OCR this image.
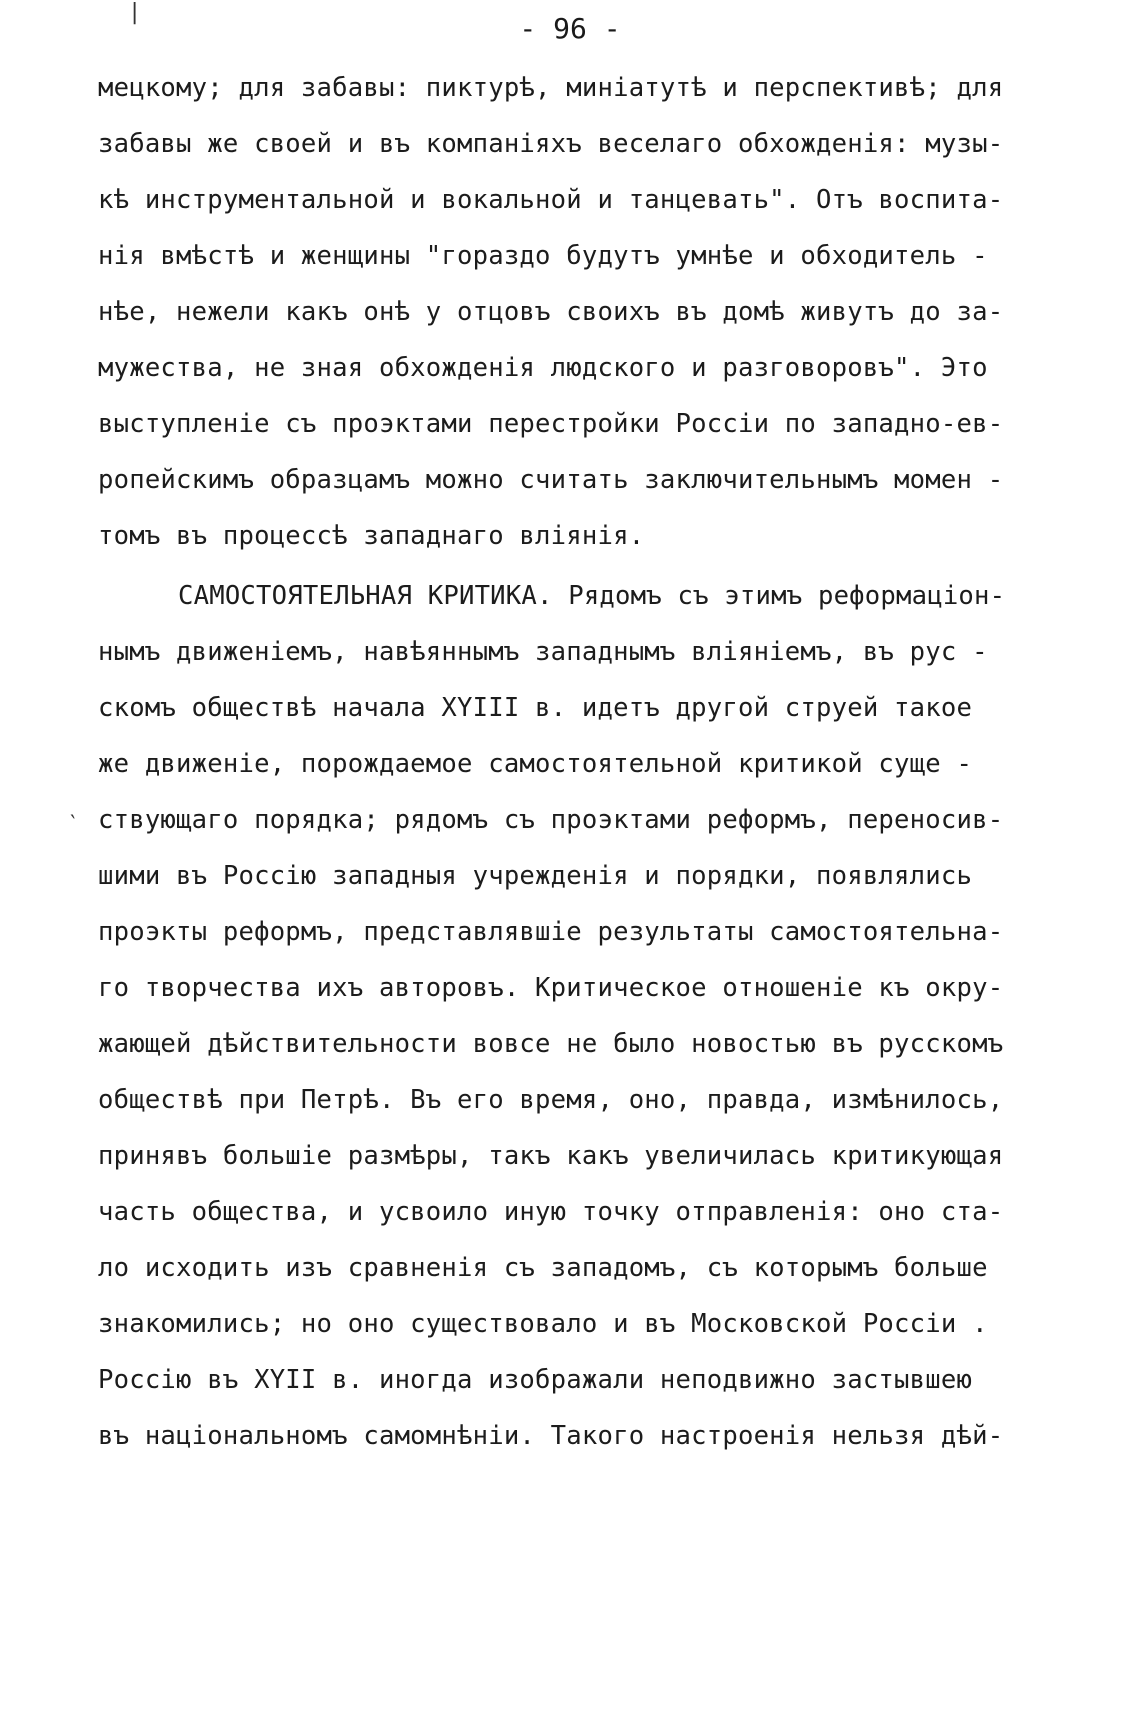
- 96 -
мецкому; для забавы: пиктурѣ, миніатутѣ и перспективѣ; для
забавы же своей и въ компаніяхъ веселаго обхожденія: музы-
кѣ инструментальной и вокальной и танцевать". Отъ воспита-
нія вмѣстѣ и женщины "гораздо будутъ умнѣе и обходитель -
нѣе, нежели какъ онѣ у отцовъ своихъ въ домѣ живутъ до за-
мужества, не зная обхожденія людского и разговоровъ". Это
выступленіе съ проэктами перестройки Россіи по западно-ев-
ропейскимъ образцамъ можно считать заключительнымъ момен -
томъ въ процессѣ западнаго вліянія.
САМОСТОЯТЕЛЬНАЯ КРИТИКА. Рядомъ съ этимъ реформаціон-
нымъ движеніемъ, навѣяннымъ западнымъ вліяніемъ, въ рус -
скомъ обществѣ начала XYIII в. идетъ другой струей такое
же движеніе, порождаемое самостоятельной критикой суще -
ствующаго порядка; рядомъ съ проэктами реформъ, переносив-
шими въ Россію западныя учрежденія и порядки, появлялись
проэкты реформъ, представлявшіе результаты самостоятельна-
го творчества ихъ авторовъ. Критическое отношеніе къ окру-
жающей дѣйствительности вовсе не было новостью въ русскомъ
обществѣ при Петрѣ. Въ его время, оно, правда, измѣнилось,
принявъ большіе размѣры, такъ какъ увеличилась критикующая
часть общества, и усвоило иную точку отправленія: оно ста-
ло исходить изъ сравненія съ западомъ, съ которымъ больше
знакомились; но оно существовало и въ Московской Россіи .
Россію въ XYII в. иногда изображали неподвижно застывшею
въ національномъ самомнѣніи. Такого настроенія нельзя дѣй-
|
‵
